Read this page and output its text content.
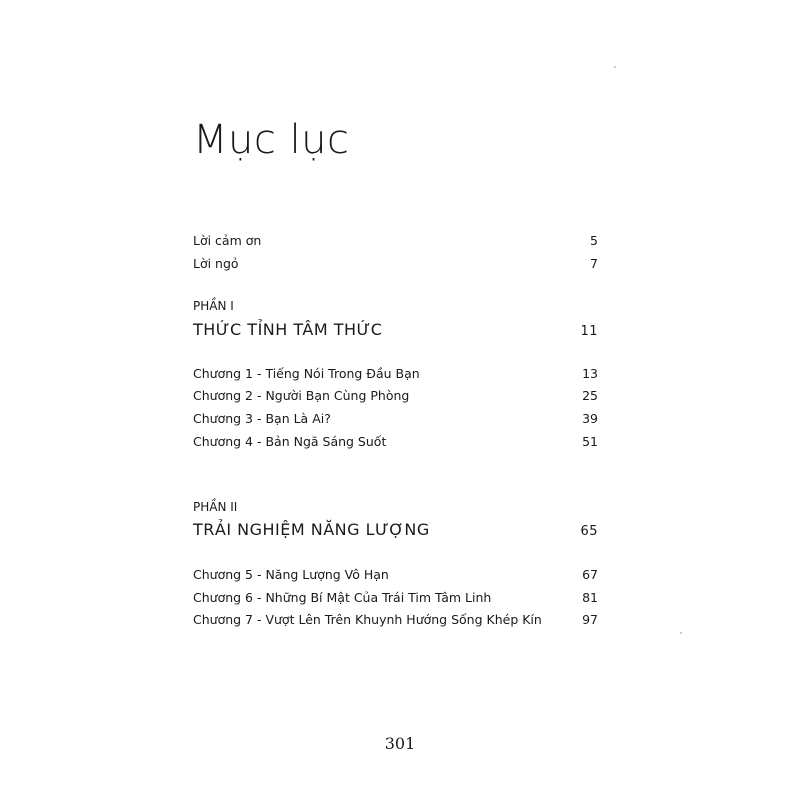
Mục lục
Lời cảm ơn	5
Lời ngỏ	7
PHẦN I
THỨC TỈNH TÂM THỨC	11
Chương 1 - Tiếng Nói Trong Đầu Bạn	13
Chương 2 - Người Bạn Cùng Phòng	25
Chương 3 - Bạn Là Ai?	39
Chương 4 - Bản Ngã Sáng Suốt	51
PHẦN II
TRẢI NGHIỆM NĂNG LƯỢNG	65
Chương 5 - Năng Lượng Vô Hạn	67
Chương 6 - Những Bí Mật Của Trái Tim Tâm Linh	81
Chương 7 - Vượt Lên Trên Khuynh Hướng Sống Khép Kín	97
301
